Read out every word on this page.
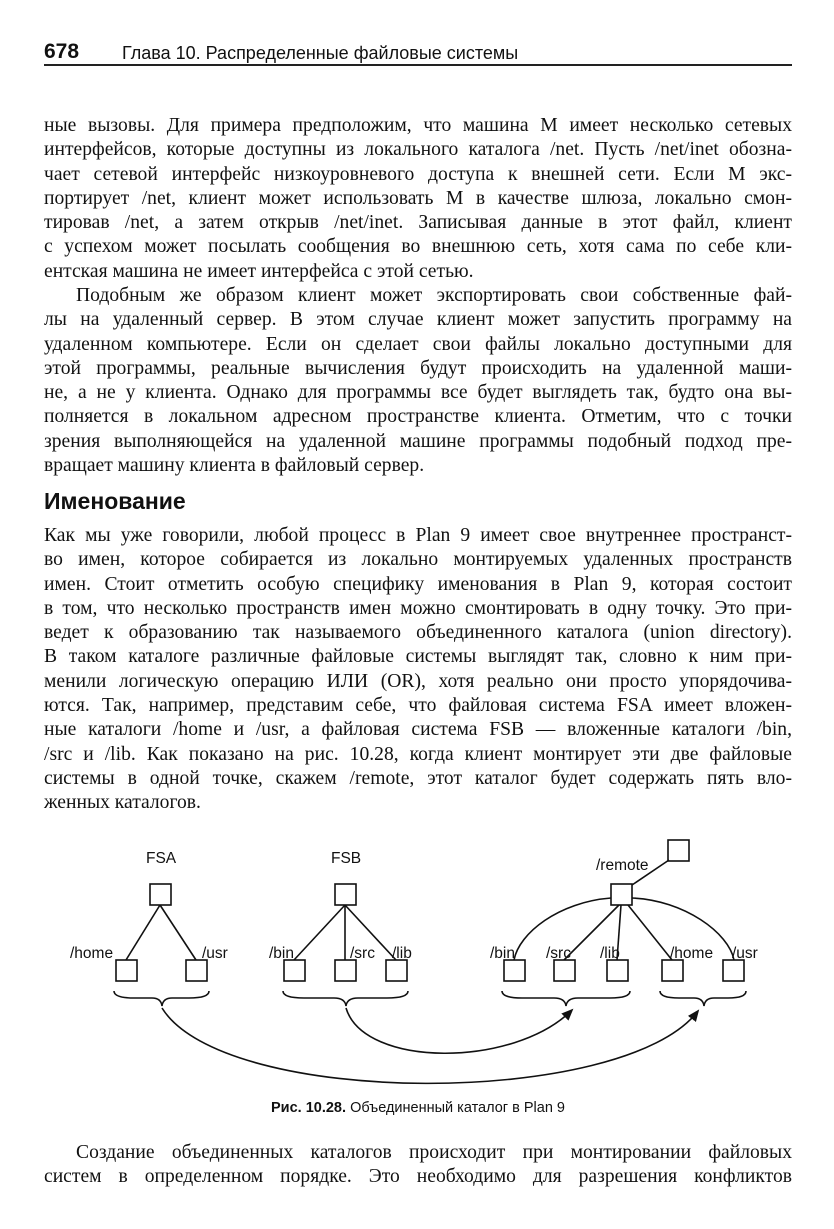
678	Глава 10. Распределенные файловые системы
ные вызовы. Для примера предположим, что машина М имеет несколько сетевых
интерфейсов, которые доступны из локального каталога /net. Пусть /net/inet обозна-
чает сетевой интерфейс низкоуровневого доступа к внешней сети. Если М экс-
портирует /net, клиент может использовать М в качестве шлюза, локально смон-
тировав /net, а затем открыв /net/inet. Записывая данные в этот файл, клиент
с успехом может посылать сообщения во внешнюю сеть, хотя сама по себе кли-
ентская машина не имеет интерфейса с этой сетью.
Подобным же образом клиент может экспортировать свои собственные фай-
лы на удаленный сервер. В этом случае клиент может запустить программу на
удаленном компьютере. Если он сделает свои файлы локально доступными для
этой программы, реальные вычисления будут происходить на удаленной маши-
не, а не у клиента. Однако для программы все будет выглядеть так, будто она вы-
полняется в локальном адресном пространстве клиента. Отметим, что с точки
зрения выполняющейся на удаленной машине программы подобный подход пре-
вращает машину клиента в файловый сервер.
Именование
Как мы уже говорили, любой процесс в Plan 9 имеет свое внутреннее пространст-
во имен, которое собирается из локально монтируемых удаленных пространств
имен. Стоит отметить особую специфику именования в Plan 9, которая состоит
в том, что несколько пространств имен можно смонтировать в одну точку. Это при-
ведет к образованию так называемого объединенного каталога (union directory).
В таком каталоге различные файловые системы выглядят так, словно к ним при-
менили логическую операцию ИЛИ (OR), хотя реально они просто упорядочива-
ются. Так, например, представим себе, что файловая система FSA имеет вложен-
ные каталоги /home и /usr, а файловая система FSB — вложенные каталоги /bin,
/src и /lib. Как показано на рис. 10.28, когда клиент монтирует эти две файловые
системы в одной точке, скажем /remote, этот каталог будет содержать пять вло-
женных каталогов.
FSA	FSB	/remote
/home	/usr	/bin	/src /lib	/bin /src /lib	/home /usr
Рис. 10.28. Объединенный каталог в Plan 9
Создание объединенных каталогов происходит при монтировании файловых
систем в определенном порядке. Это необходимо для разрешения конфликтов
